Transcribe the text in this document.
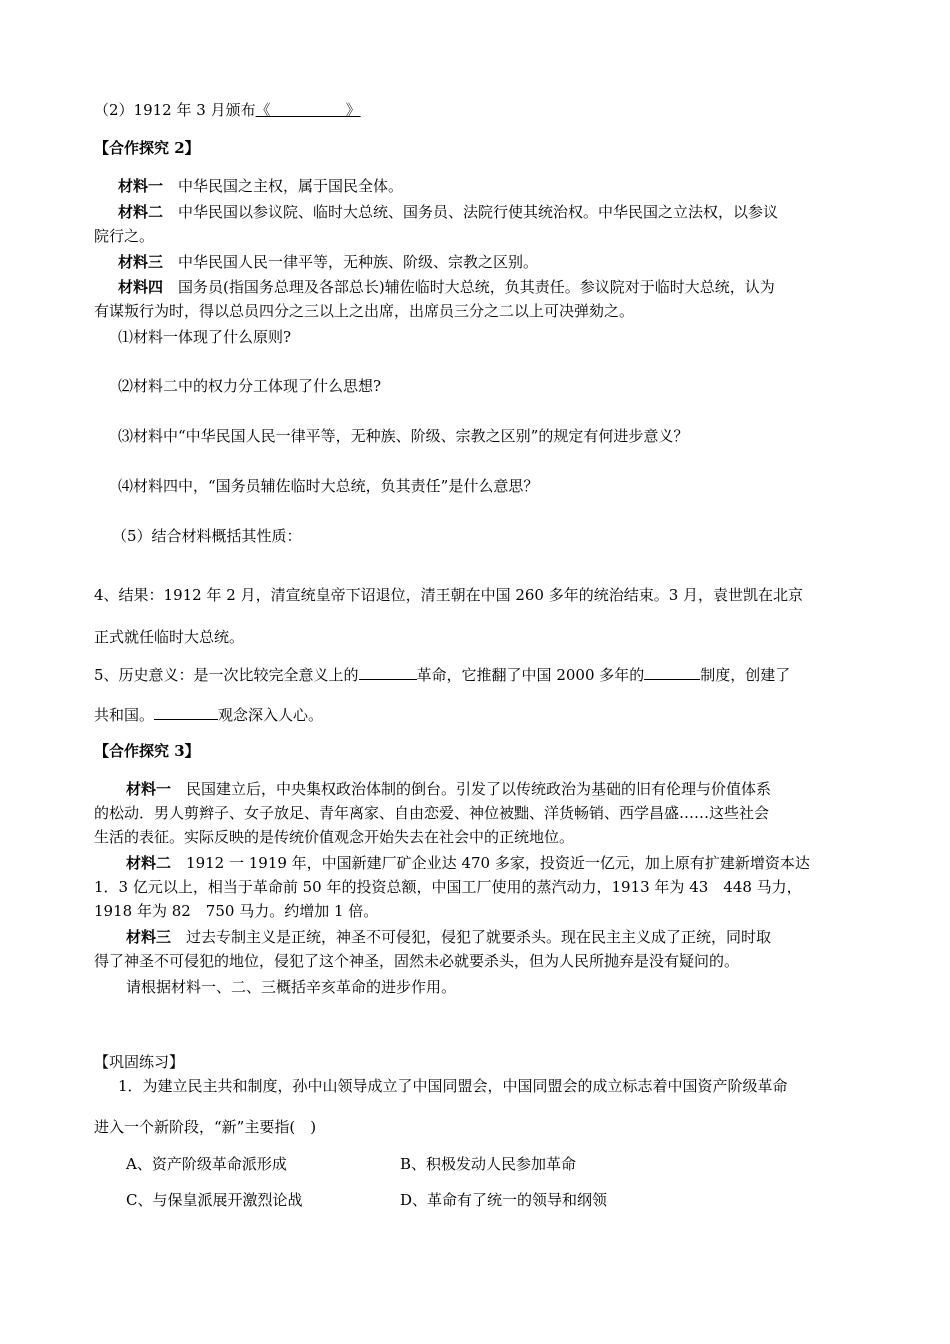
（2）1912 年 3 月颁布《　　　　　》
【合作探究 2】
材料一　 中华民国之主权，属于国民全体。
材料二　 中华民国以参议院、临时大总统、国务员、法院行使其统治权。中华民国之立法权，以参议
院行之。
材料三　 中华民国人民一律平等，无种族、阶级、宗教之区别。
材料四　 国务员(指国务总理及各部总长)辅佐临时大总统，负其责任。参议院对于临时大总统，认为
有谋叛行为时，得以总员四分之三以上之出席，出席员三分之二以上可决弹劾之。
⑴材料一体现了什么原则?
⑵材料二中的权力分工体现了什么思想?
⑶材料中“中华民国人民一律平等，无种族、阶级、宗教之区别”的规定有何进步意义？
⑷材料四中，“国务员辅佐临时大总统，负其责任”是什么意思？
（5）结合材料概括其性质：
4、结果：1912 年 2 月，清宣统皇帝下诏退位，清王朝在中国 260 多年的统治结束。3 月，袁世凯在北京
正式就任临时大总统。
5、历史意义：是一次比较完全意义上的	革命，它推翻了中国 2000 多年的	制度，创建了
共和国。	观念深入人心。
【合作探究 3】
材料一　 民国建立后，中央集权政治体制的倒台。引发了以传统政治为基础的旧有伦理与价值体系
的松动．男人剪辫子、女子放足、青年离家、自由恋爱、神位被黜、洋货畅销、西学昌盛……这些社会
生活的表征。实际反映的是传统价值观念开始失去在社会中的正统地位。
材料二　 1912 一 1919 年，中国新建厂矿企业达 470 多家，投资近一亿元，加上原有扩建新增资本达
1．3 亿元以上，相当于革命前 50 年的投资总额，中国工厂使用的蒸汽动力，1913 年为 43　448 马力，
1918 年为 82　750 马力。约增加 1 倍。
材料三　 过去专制主义是正统，神圣不可侵犯，侵犯了就要杀头。现在民主主义成了正统，同时取
得了神圣不可侵犯的地位，侵犯了这个神圣，固然未必就要杀头，但为人民所抛弃是没有疑问的。
请根据材料一、二、三概括辛亥革命的进步作用。
【巩固练习】
1．为建立民主共和制度，孙中山领导成立了中国同盟会，中国同盟会的成立标志着中国资产阶级革命
进入一个新阶段，“新”主要指(　)
A、资产阶级革命派形成	B、积极发动人民参加革命
C、与保皇派展开激烈论战	D、革命有了统一的领导和纲领
